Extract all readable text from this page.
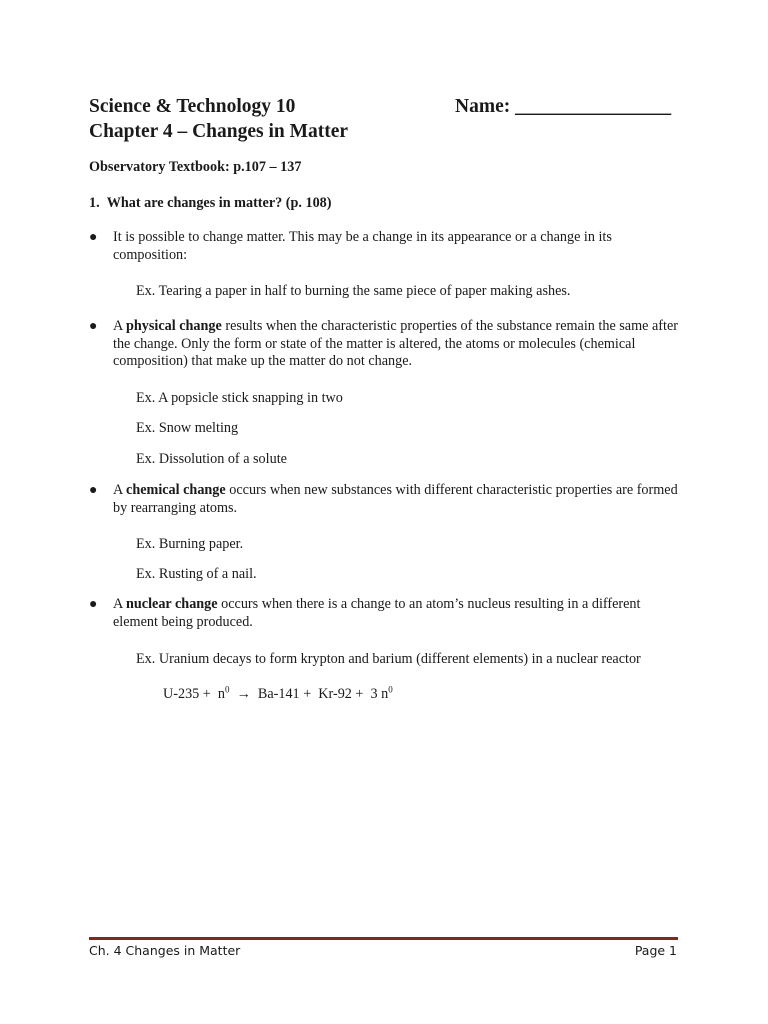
Science & Technology 10	Name: ________________
Chapter 4 – Changes in Matter
Observatory Textbook: p.107 – 137
1.  What are changes in matter? (p. 108)
● It is possible to change matter. This may be a change in its appearance or a change in its composition:
Ex. Tearing a paper in half to burning the same piece of paper making ashes.
● A physical change results when the characteristic properties of the substance remain the same after the change. Only the form or state of the matter is altered, the atoms or molecules (chemical composition) that make up the matter do not change.
Ex. A popsicle stick snapping in two
Ex. Snow melting
Ex. Dissolution of a solute
● A chemical change occurs when new substances with different characteristic properties are formed by rearranging atoms.
Ex. Burning paper.
Ex. Rusting of a nail.
● A nuclear change occurs when there is a change to an atom’s nucleus resulting in a different element being produced.
Ex. Uranium decays to form krypton and barium (different elements) in a nuclear reactor
$U-235 + n^0 \to Ba-141 + Kr-92 + 3$ $n^0$
Ch. 4 Changes in Matter	Page 1
